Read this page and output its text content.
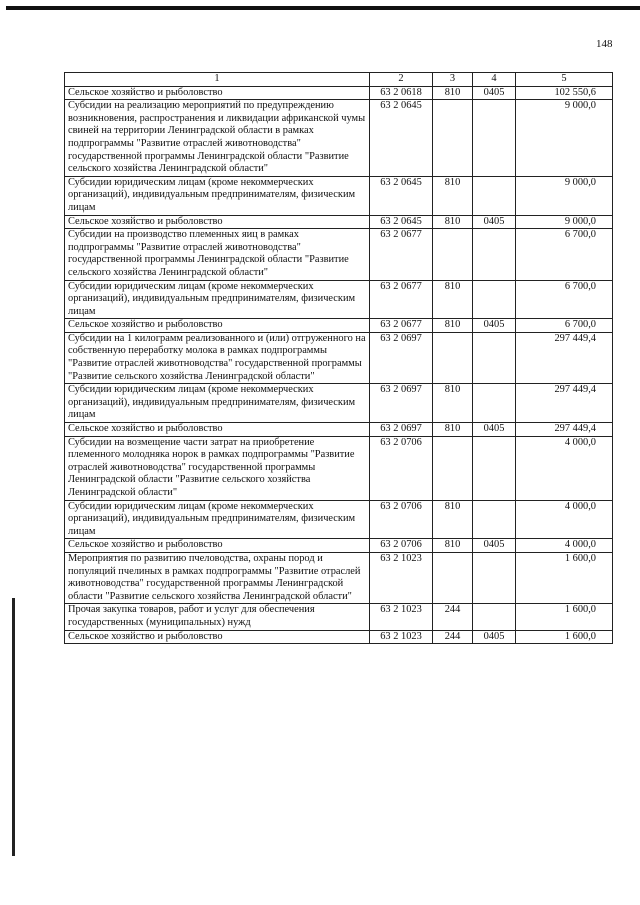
148
1	2	3	4	5
Сельское хозяйство и рыболовство	63 2 0618	810	0405	102 550,6
Субсидии на реализацию мероприятий по предупреждению возникновения, распространения и ликвидации африканской чумы свиней на территории Ленинградской области в рамках подпрограммы "Развитие отраслей животноводства" государственной программы Ленинградской области "Развитие сельского хозяйства Ленинградской области"	63 2 0645			9 000,0
Субсидии юридическим лицам (кроме некоммерческих организаций), индивидуальным предпринимателям, физическим лицам	63 2 0645	810		9 000,0
Сельское хозяйство и рыболовство	63 2 0645	810	0405	9 000,0
Субсидии на производство племенных яиц в рамках подпрограммы "Развитие отраслей животноводства" государственной программы Ленинградской области "Развитие сельского хозяйства Ленинградской области"	63 2 0677			6 700,0
Субсидии юридическим лицам (кроме некоммерческих организаций), индивидуальным предпринимателям, физическим лицам	63 2 0677	810		6 700,0
Сельское хозяйство и рыболовство	63 2 0677	810	0405	6 700,0
Субсидии на 1 килограмм реализованного и (или) отгруженного на собственную переработку молока в рамках подпрограммы "Развитие отраслей животноводства" государственной программы "Развитие сельского хозяйства Ленинградской области"	63 2 0697			297 449,4
Субсидии юридическим лицам (кроме некоммерческих организаций), индивидуальным предпринимателям, физическим лицам	63 2 0697	810		297 449,4
Сельское хозяйство и рыболовство	63 2 0697	810	0405	297 449,4
Субсидии на возмещение части затрат на приобретение племенного молодняка норок в рамках подпрограммы "Развитие отраслей животноводства" государственной программы Ленинградской области "Развитие сельского хозяйства Ленинградской области"	63 2 0706			4 000,0
Субсидии юридическим лицам (кроме некоммерческих организаций), индивидуальным предпринимателям, физическим лицам	63 2 0706	810		4 000,0
Сельское хозяйство и рыболовство	63 2 0706	810	0405	4 000,0
Мероприятия по развитию пчеловодства, охраны пород и популяций пчелиных в рамках подпрограммы "Развитие отраслей животноводства" государственной программы Ленинградской области "Развитие сельского хозяйства Ленинградской области"	63 2 1023			1 600,0
Прочая закупка товаров, работ и услуг для обеспечения государственных (муниципальных) нужд	63 2 1023	244		1 600,0
Сельское хозяйство и рыболовство	63 2 1023	244	0405	1 600,0
